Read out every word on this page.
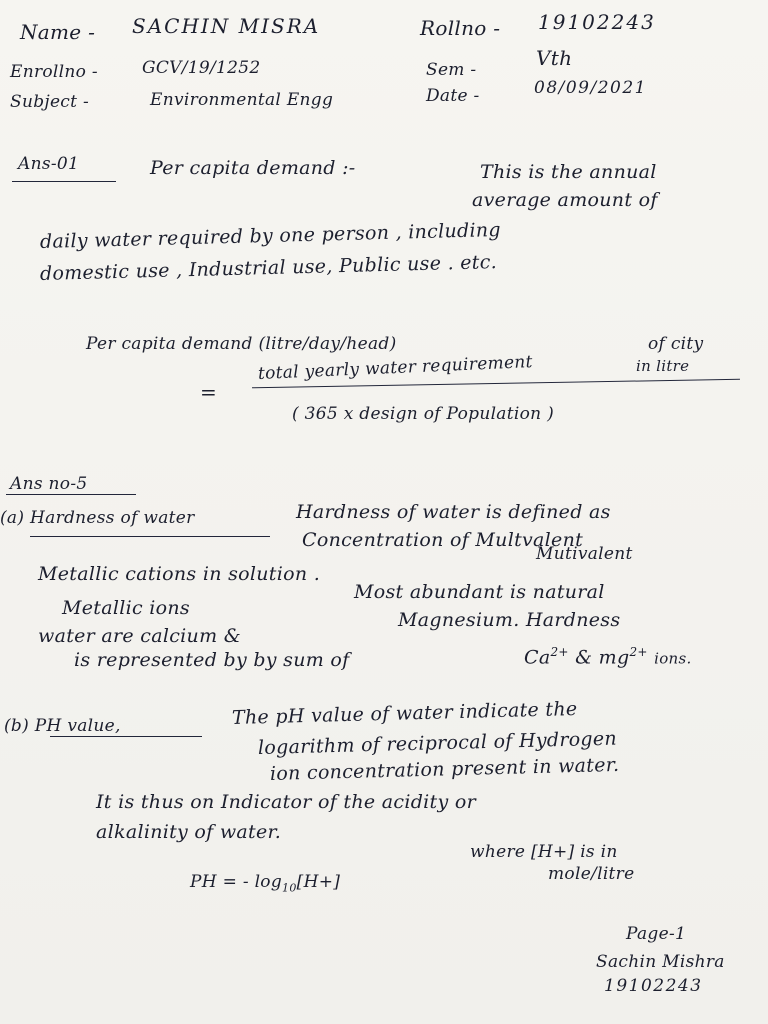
Name - SACHIN MISRA	Rollno - 19102243
Enrollno -	GCV/19/1252	Sem -	Vth
Subject -	Environmental Engg	Date -	08/09/2021
Ans-01	Per capita demand :-	This is the annual
average amount of
daily water required by one person , including
domestic use , Industrial use, Public use . etc.
Per capita demand (litre/day/head)
=
total yearly water requirement
of city
in litre
( 365 x design of Population )
Ans no-5
(a) Hardness of water	Hardness of water is defined as
Concentration of Multvalent
Metallic cations in solution .
Mutivalent
Metallic ions
Most abundant is natural
water are calcium &
Magnesium. Hardness
is represented by by sum of	$Ca^{2+}$ & $mg^{2+}$ ions.
(b) PH value,	The pH value of water indicate the
logarithm of reciprocal of Hydrogen
ion concentration present in water.
It is thus on Indicator of the acidity or
alkalinity of water.
PH = - $\log_{10}[H+]$
where [H+] is in
mole/litre
Page-1
Sachin Mishra
19102243
